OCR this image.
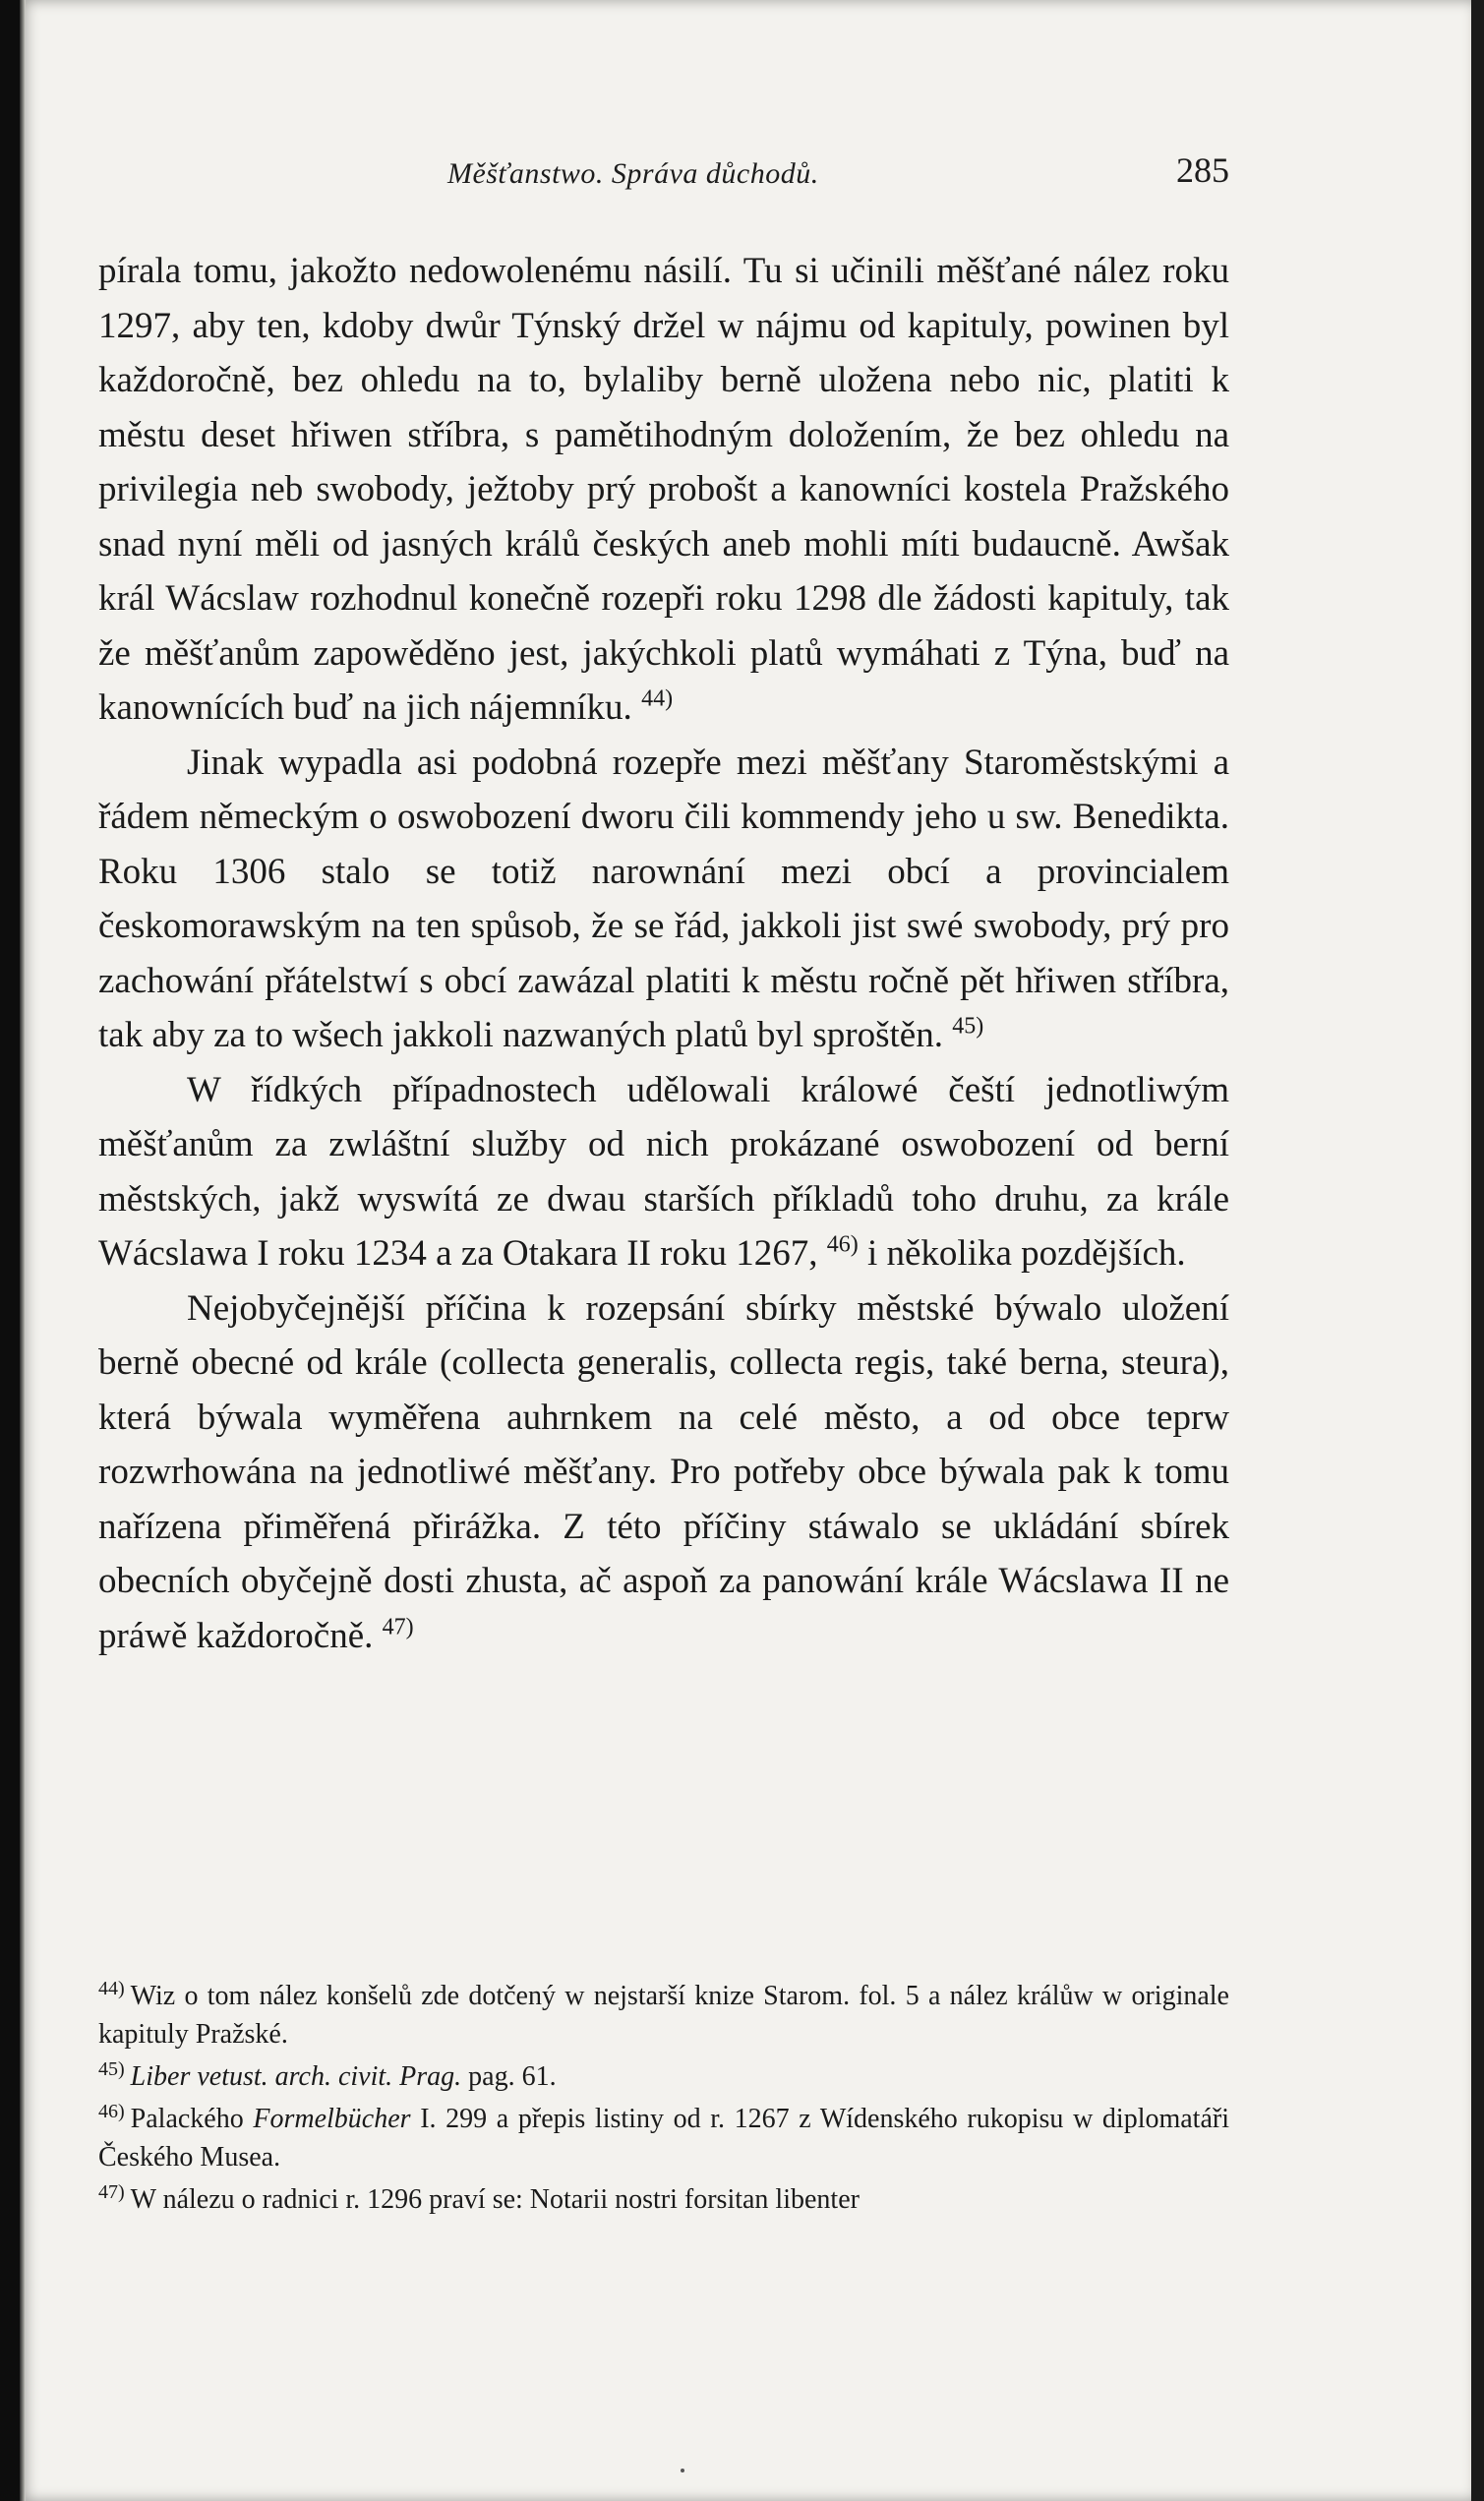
Měšťanstwo. Správa důchodů.	285

pírala tomu, jakožto nedowolenému násilí. Tu si učinili měšťané nález roku 1297, aby ten, kdoby dwůr Týnský držel w nájmu od kapituly, powinen byl každoročně, bez ohledu na to, bylaliby berně uložena nebo nic, platiti k městu deset hřiwen stříbra, s pamětihodným doložením, že bez ohledu na privilegia neb swobody, ježtoby prý probošt a kanowníci kostela Pražského snad nyní měli od jasných králů českých aneb mohli míti budaucně. Awšak král Wácslaw rozhodnul konečně rozepři roku 1298 dle žádosti kapituly, tak že měšťanům zapowěděno jest, jakýchkoli platů wymáhati z Týna, buď na kanownících buď na jich nájemníku. $^{44)}$

Jinak wypadla asi podobná rozepře mezi měšťany Staroměstskými a řádem německým o oswobození dworu čili kommendy jeho u sw. Benedikta. Roku 1306 stalo se totiž narownání mezi obcí a provincialem českomorawským na ten spůsob, že se řád, jakkoli jist swé swobody, prý pro zachowání přátelstwí s obcí zawázal platiti k městu ročně pět hřiwen stříbra, tak aby za to wšech jakkoli nazwaných platů byl sproštěn. $^{45)}$

W řídkých případnostech udělowali králowé čeští jednotliwým měšťanům za zwláštní služby od nich prokázané oswobození od berní městských, jakž wyswítá ze dwau starších příkladů toho druhu, za krále Wácslawa I roku 1234 a za Otakara II roku 1267, $^{46)}$ i několika pozdějších.

Nejobyčejnější příčina k rozepsání sbírky městské býwalo uložení berně obecné od krále (collecta generalis, collecta regis, také berna, steura), která býwala wyměřena auhrnkem na celé město, a od obce teprw rozwrhowána na jednotliwé měšťany. Pro potřeby obce býwala pak k tomu nařízena přiměřená přirážka. Z této příčiny stáwalo se ukládání sbírek obecních obyčejně dosti zhusta, ač aspoň za panowání krále Wácslawa II ne práwě každoročně. $^{47)}$

$^{44)}$ Wiz o tom nález konšelů zde dotčený w nejstarší knize Starom. fol. 5 a nález králůw w originale kapituly Pražské.

$^{45)}$ Liber vetust. arch. civit. Prag. pag. 61.

$^{46)}$ Palackého Formelbücher I. 299 a přepis listiny od r. 1267 z Wídenského rukopisu w diplomatáři Českého Musea.

$^{47)}$ W nálezu o radnici r. 1296 praví se: Notarii nostri forsitan libenter
